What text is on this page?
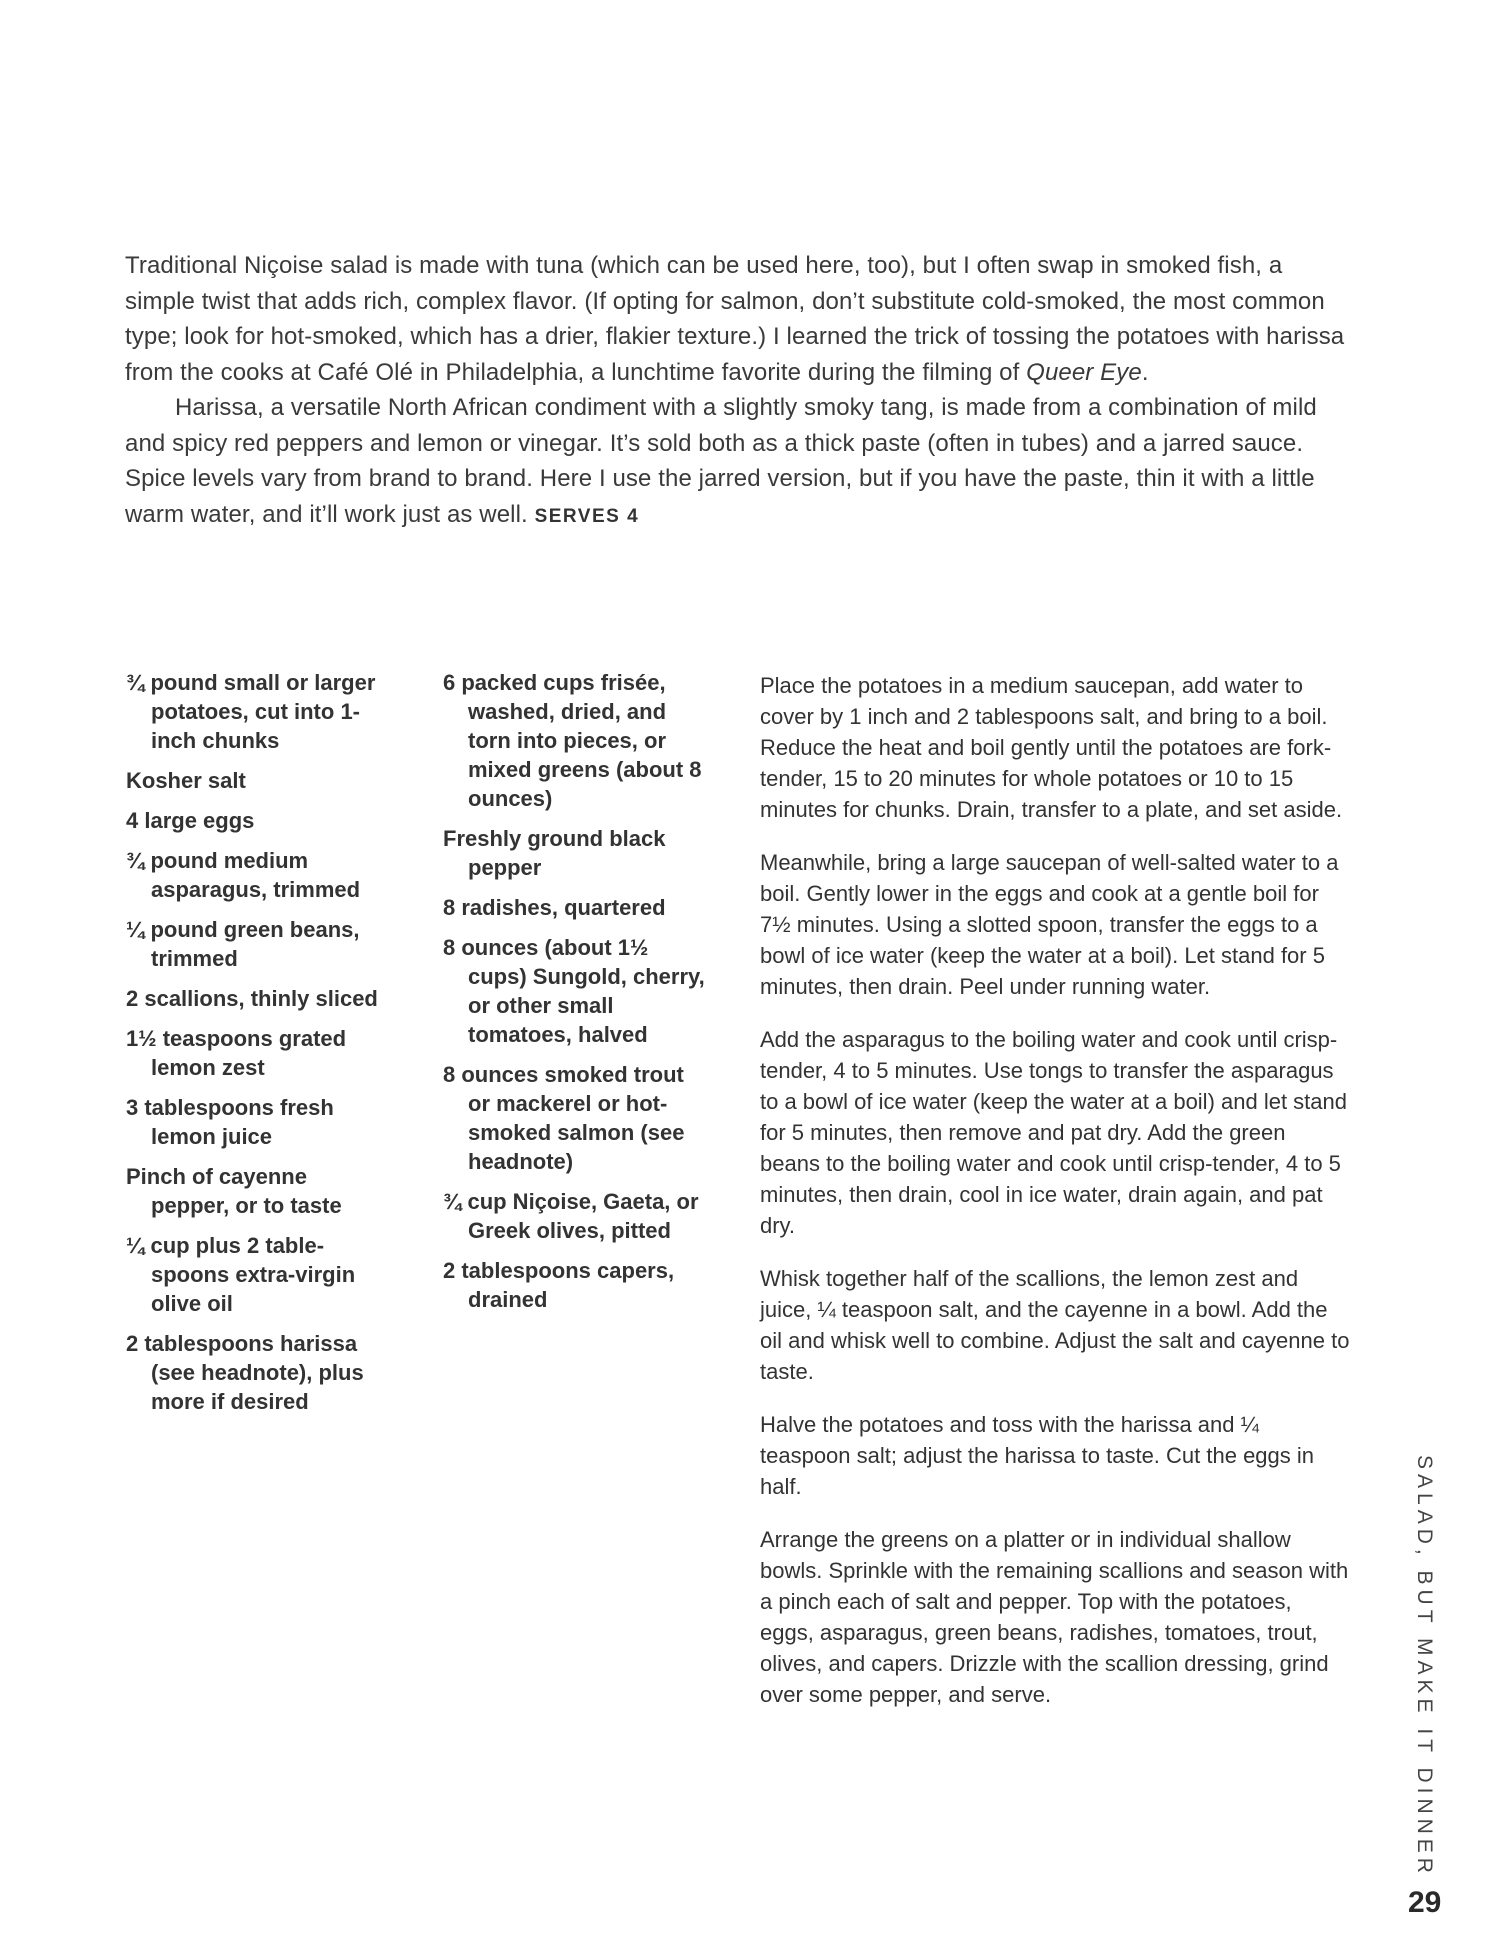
Traditional Niçoise salad is made with tuna (which can be used here, too), but I often swap in smoked fish, a simple twist that adds rich, complex flavor. (If opting for salmon, don’t substitute cold-smoked, the most common type; look for hot-smoked, which has a drier, flakier texture.) I learned the trick of tossing the potatoes with harissa from the cooks at Café Olé in Philadelphia, a lunchtime favorite during the filming of Queer Eye.

Harissa, a versatile North African condiment with a slightly smoky tang, is made from a combination of mild and spicy red peppers and lemon or vinegar. It’s sold both as a thick paste (often in tubes) and a jarred sauce. Spice levels vary from brand to brand. Here I use the jarred version, but if you have the paste, thin it with a little warm water, and it’ll work just as well. SERVES 4

¾ pound small or larger potatoes, cut into 1-inch chunks

Kosher salt

4 large eggs

¾ pound medium asparagus, trimmed

¼ pound green beans, trimmed

2 scallions, thinly sliced

1½ teaspoons grated lemon zest

3 tablespoons fresh lemon juice

Pinch of cayenne pepper, or to taste

¼ cup plus 2 table-spoons extra-virgin olive oil

2 tablespoons harissa (see headnote), plus more if desired

6 packed cups frisée, washed, dried, and torn into pieces, or mixed greens (about 8 ounces)

Freshly ground black pepper

8 radishes, quartered

8 ounces (about 1½ cups) Sungold, cherry, or other small tomatoes, halved

8 ounces smoked trout or mackerel or hot-smoked salmon (see headnote)

¾ cup Niçoise, Gaeta, or Greek olives, pitted

2 tablespoons capers, drained

Place the potatoes in a medium saucepan, add water to cover by 1 inch and 2 tablespoons salt, and bring to a boil. Reduce the heat and boil gently until the potatoes are fork-tender, 15 to 20 minutes for whole potatoes or 10 to 15 minutes for chunks. Drain, transfer to a plate, and set aside.

Meanwhile, bring a large saucepan of well-salted water to a boil. Gently lower in the eggs and cook at a gentle boil for 7½ minutes. Using a slotted spoon, transfer the eggs to a bowl of ice water (keep the water at a boil). Let stand for 5 minutes, then drain. Peel under running water.

Add the asparagus to the boiling water and cook until crisp-tender, 4 to 5 minutes. Use tongs to transfer the asparagus to a bowl of ice water (keep the water at a boil) and let stand for 5 minutes, then remove and pat dry. Add the green beans to the boiling water and cook until crisp-tender, 4 to 5 minutes, then drain, cool in ice water, drain again, and pat dry.

Whisk together half of the scallions, the lemon zest and juice, ¼ teaspoon salt, and the cayenne in a bowl. Add the oil and whisk well to combine. Adjust the salt and cayenne to taste.

Halve the potatoes and toss with the harissa and ¼ teaspoon salt; adjust the harissa to taste. Cut the eggs in half.

Arrange the greens on a platter or in individual shallow bowls. Sprinkle with the remaining scallions and season with a pinch each of salt and pepper. Top with the potatoes, eggs, asparagus, green beans, radishes, tomatoes, trout, olives, and capers. Drizzle with the scallion dressing, grind over some pepper, and serve.	SALAD, BUT MAKE IT DINNER
29
